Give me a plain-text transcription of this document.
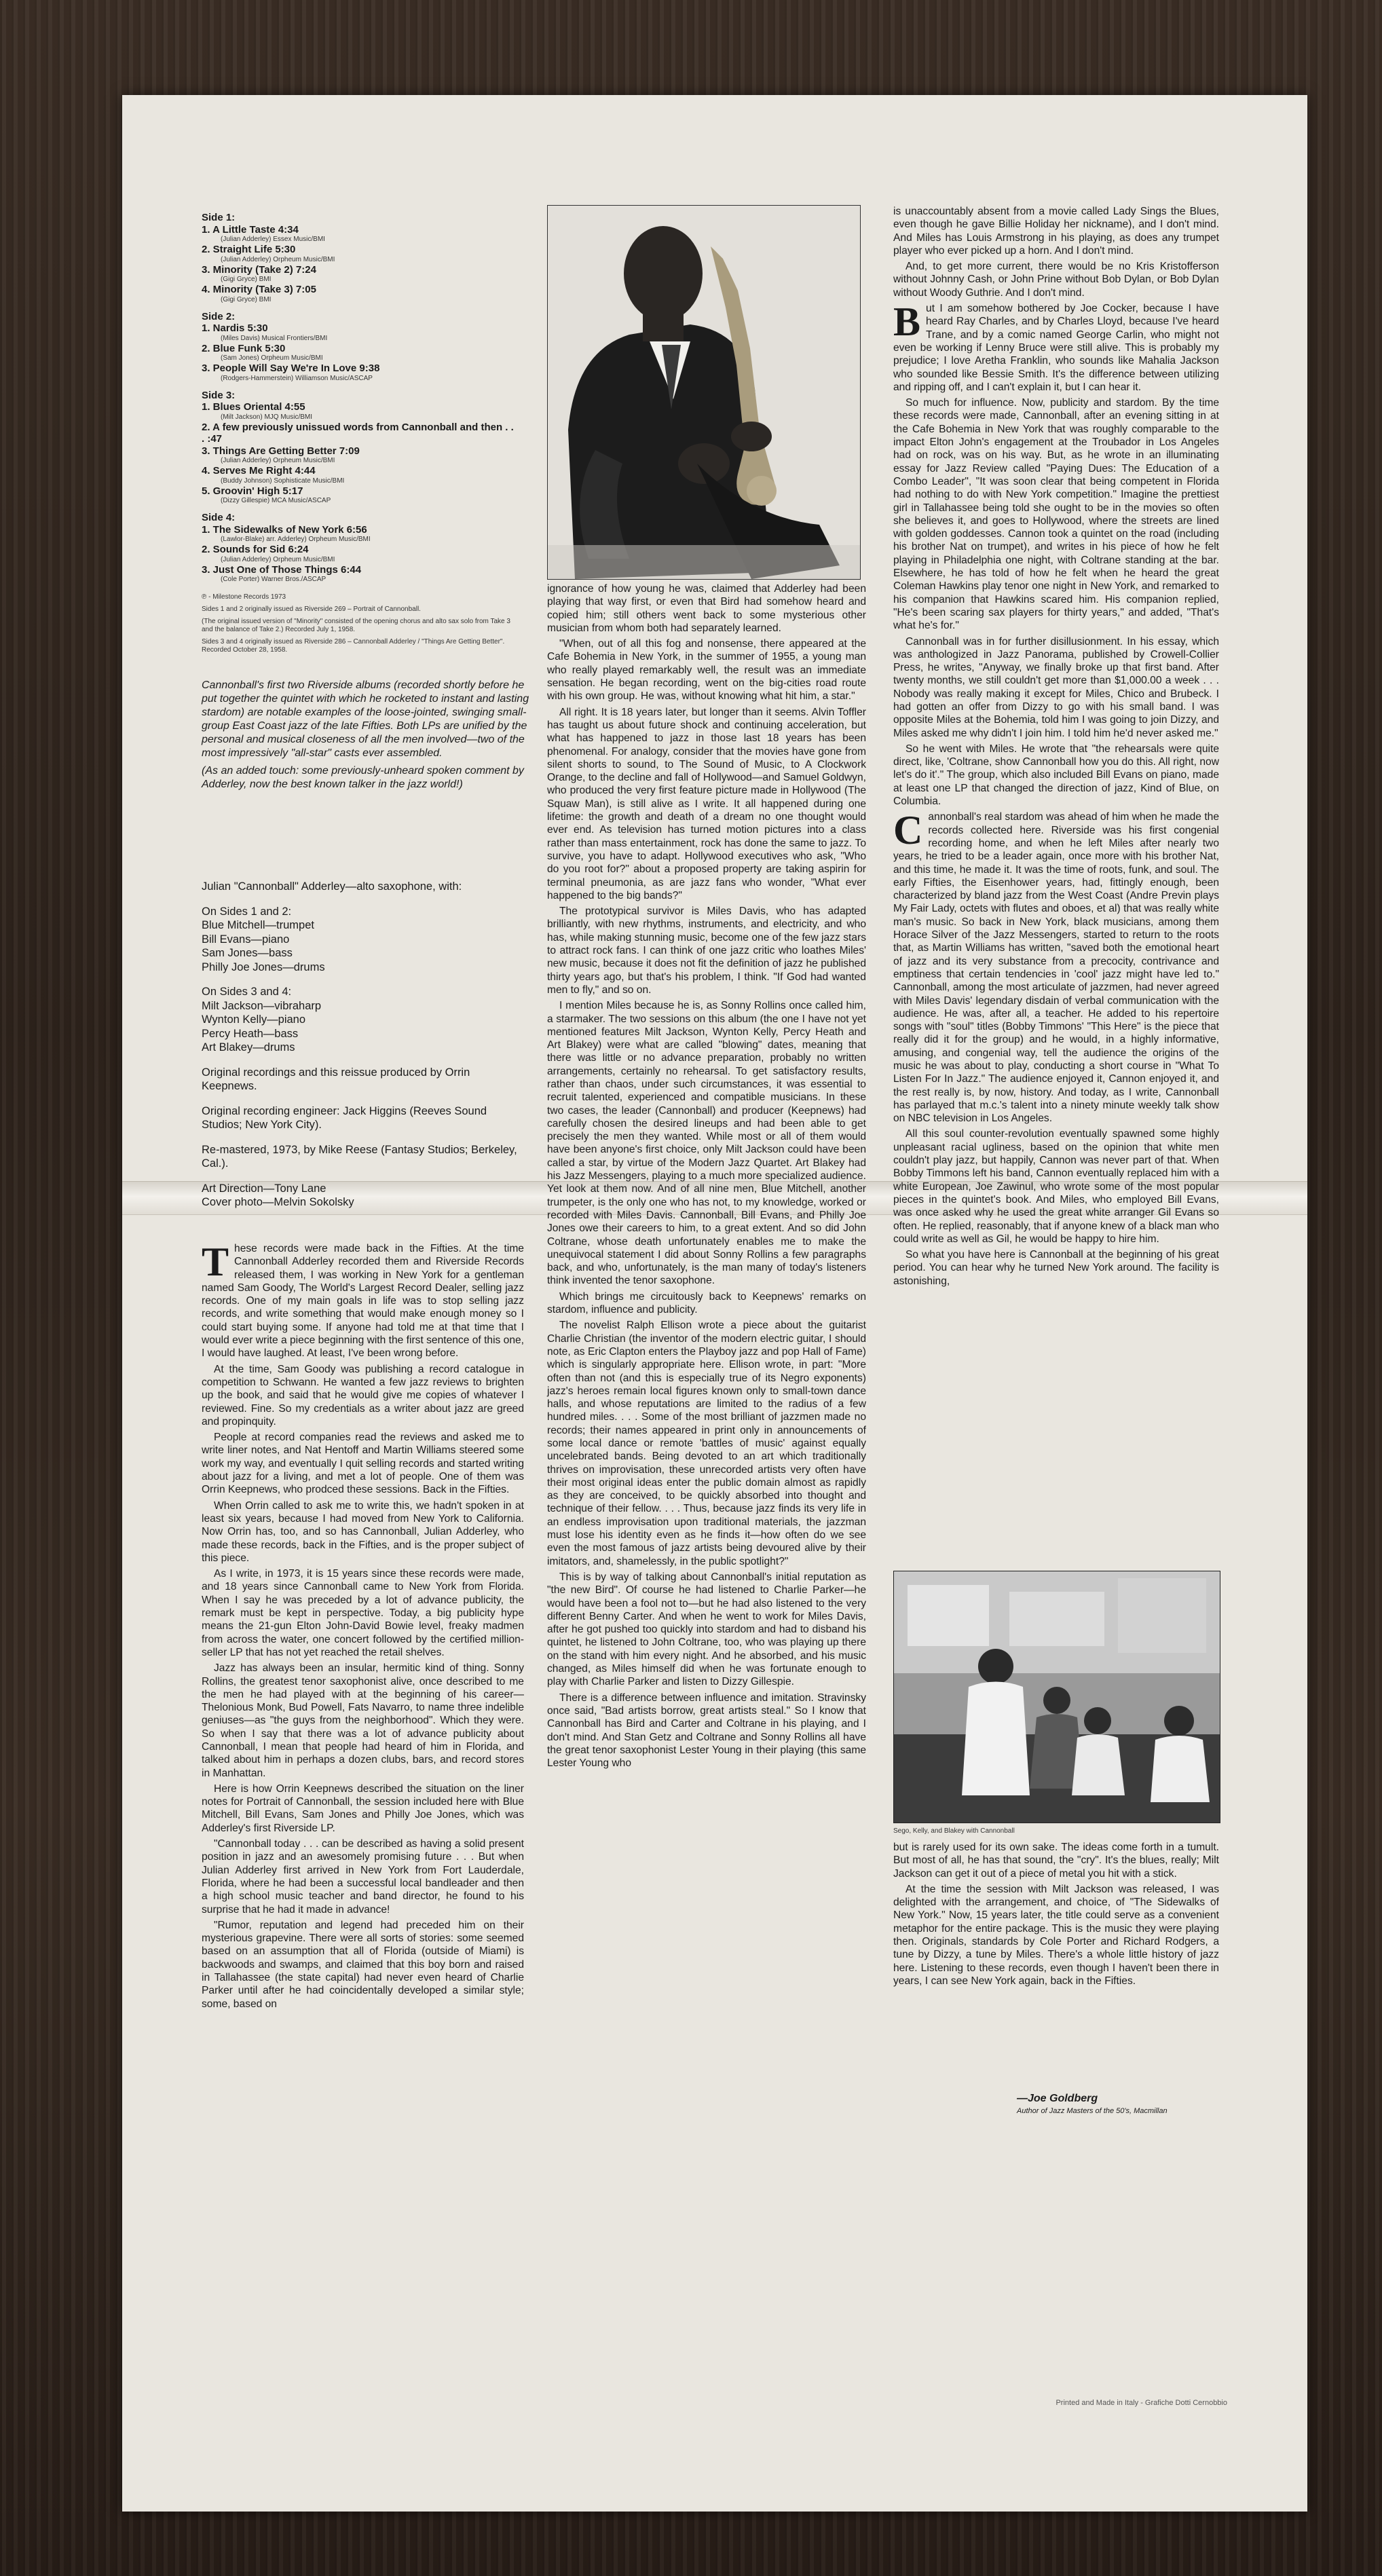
Side 1:
1. A Little Taste 4:34
(Julian Adderley) Essex Music/BMI
2. Straight Life 5:30
(Julian Adderley) Orpheum Music/BMI
3. Minority (Take 2) 7:24
(Gigi Gryce) BMI
4. Minority (Take 3) 7:05
(Gigi Gryce) BMI
Side 2:
1. Nardis 5:30
(Miles Davis) Musical Frontiers/BMI
2. Blue Funk 5:30
(Sam Jones) Orpheum Music/BMI
3. People Will Say We're In Love 9:38
(Rodgers-Hammerstein) Williamson Music/ASCAP
Side 3:
1. Blues Oriental 4:55
(Milt Jackson) MJQ Music/BMI
2. A few previously unissued words from Cannonball and then . . . :47
3. Things Are Getting Better 7:09
(Julian Adderley) Orpheum Music/BMI
4. Serves Me Right 4:44
(Buddy Johnson) Sophisticate Music/BMI
5. Groovin' High 5:17
(Dizzy Gillespie) MCA Music/ASCAP
Side 4:
1. The Sidewalks of New York 6:56
(Lawlor-Blake) arr. Adderley) Orpheum Music/BMI
2. Sounds for Sid 6:24
(Julian Adderley) Orpheum Music/BMI
3. Just One of Those Things 6:44
(Cole Porter) Warner Bros./ASCAP
℗ - Milestone Records 1973
Sides 1 and 2 originally issued as Riverside 269 – Portrait of Cannonball.
(The original issued version of "Minority" consisted of the opening chorus and alto sax solo from Take 3 and the balance of Take 2.) Recorded July 1, 1958.
Sides 3 and 4 originally issued as Riverside 286 – Cannonball Adderley / "Things Are Getting Better". Recorded October 28, 1958.

Cannonball's first two Riverside albums (recorded shortly before he put together the quintet with which he rocketed to instant and lasting stardom) are notable examples of the loose-jointed, swinging small-group East Coast jazz of the late Fifties. Both LPs are unified by the personal and musical closeness of all the men involved—two of the most impressively "all-star" casts ever assembled.

(As an added touch: some previously-unheard spoken comment by Adderley, now the best known talker in the jazz world!)

Julian "Cannonball" Adderley—alto saxophone, with:
On Sides 1 and 2:
Blue Mitchell—trumpet
Bill Evans—piano
Sam Jones—bass
Philly Joe Jones—drums
On Sides 3 and 4:
Milt Jackson—vibraharp
Wynton Kelly—piano
Percy Heath—bass
Art Blakey—drums
Original recordings and this reissue produced by Orrin Keepnews.
Original recording engineer: Jack Higgins (Reeves Sound Studios; New York City).
Re-mastered, 1973, by Mike Reese (Fantasy Studios; Berkeley, Cal.).
Art Direction—Tony Lane
Cover photo—Melvin Sokolsky

ignorance of how young he was, claimed that Adderley had been playing that way first, or even that Bird had somehow heard and copied him; still others went back to some mysterious other musician from whom both had separately learned.

"When, out of all this fog and nonsense, there appeared at the Cafe Bohemia in New York, in the summer of 1955, a young man who really played remarkably well, the result was an immediate sensation. He began recording, went on the big-cities road route with his own group. He was, without knowing what hit him, a star."

All right. It is 18 years later, but longer than it seems. Alvin Toffler has taught us about future shock and continuing acceleration, but what has happened to jazz in those last 18 years has been phenomenal. For analogy, consider that the movies have gone from silent shorts to sound, to The Sound of Music, to A Clockwork Orange, to the decline and fall of Hollywood—and Samuel Goldwyn, who produced the very first feature picture made in Hollywood (The Squaw Man), is still alive as I write. It all happened during one lifetime: the growth and death of a dream no one thought would ever end. As television has turned motion pictures into a class rather than mass entertainment, rock has done the same to jazz. To survive, you have to adapt. Hollywood executives who ask, "Who do you root for?" about a proposed property are taking aspirin for terminal pneumonia, as are jazz fans who wonder, "What ever happened to the big bands?"

The prototypical survivor is Miles Davis, who has adapted brilliantly, with new rhythms, instruments, and electricity, and who has, while making stunning music, become one of the few jazz stars to attract rock fans. I can think of one jazz critic who loathes Miles' new music, because it does not fit the definition of jazz he published thirty years ago, but that's his problem, I think. "If God had wanted men to fly," and so on.

I mention Miles because he is, as Sonny Rollins once called him, a starmaker. The two sessions on this album (the one I have not yet mentioned features Milt Jackson, Wynton Kelly, Percy Heath and Art Blakey) were what are called "blowing" dates, meaning that there was little or no advance preparation, probably no written arrangements, certainly no rehearsal. To get satisfactory results, rather than chaos, under such circumstances, it was essential to recruit talented, experienced and compatible musicians. In these two cases, the leader (Cannonball) and producer (Keepnews) had carefully chosen the desired lineups and had been able to get precisely the men they wanted. While most or all of them would have been anyone's first choice, only Milt Jackson could have been called a star, by virtue of the Modern Jazz Quartet. Art Blakey had his Jazz Messengers, playing to a much more specialized audience. Yet look at them now. And of all nine men, Blue Mitchell, another trumpeter, is the only one who has not, to my knowledge, worked or recorded with Miles Davis. Cannonball, Bill Evans, and Philly Joe Jones owe their careers to him, to a great extent. And so did John Coltrane, whose death unfortunately enables me to make the unequivocal statement I did about Sonny Rollins a few paragraphs back, and who, unfortunately, is the man many of today's listeners think invented the tenor saxophone.

Which brings me circuitously back to Keepnews' remarks on stardom, influence and publicity.

The novelist Ralph Ellison wrote a piece about the guitarist Charlie Christian (the inventor of the modern electric guitar, I should note, as Eric Clapton enters the Playboy jazz and pop Hall of Fame) which is singularly appropriate here. Ellison wrote, in part: "More often than not (and this is especially true of its Negro exponents) jazz's heroes remain local figures known only to small-town dance halls, and whose reputations are limited to the radius of a few hundred miles. . . . Some of the most brilliant of jazzmen made no records; their names appeared in print only in announcements of some local dance or remote 'battles of music' against equally uncelebrated bands. Being devoted to an art which traditionally thrives on improvisation, these unrecorded artists very often have their most original ideas enter the public domain almost as rapidly as they are conceived, to be quickly absorbed into thought and technique of their fellow. . . . Thus, because jazz finds its very life in an endless improvisation upon traditional materials, the jazzman must lose his identity even as he finds it—how often do we see even the most famous of jazz artists being devoured alive by their imitators, and, shamelessly, in the public spotlight?"

This is by way of talking about Cannonball's initial reputation as "the new Bird". Of course he had listened to Charlie Parker—he would have been a fool not to—but he had also listened to the very different Benny Carter. And when he went to work for Miles Davis, after he got pushed too quickly into stardom and had to disband his quintet, he listened to John Coltrane, too, who was playing up there on the stand with him every night. And he absorbed, and his music changed, as Miles himself did when he was fortunate enough to play with Charlie Parker and listen to Dizzy Gillespie.

There is a difference between influence and imitation. Stravinsky once said, "Bad artists borrow, great artists steal." So I know that Cannonball has Bird and Carter and Coltrane in his playing, and I don't mind. And Stan Getz and Coltrane and Sonny Rollins all have the great tenor saxophonist Lester Young in their playing (this same Lester Young who

is unaccountably absent from a movie called Lady Sings the Blues, even though he gave Billie Holiday her nickname), and I don't mind. And Miles has Louis Armstrong in his playing, as does any trumpet player who ever picked up a horn. And I don't mind.

And, to get more current, there would be no Kris Kristofferson without Johnny Cash, or John Prine without Bob Dylan, or Bob Dylan without Woody Guthrie. And I don't mind.

But I am somehow bothered by Joe Cocker, because I have heard Ray Charles, and by Charles Lloyd, because I've heard Trane, and by a comic named George Carlin, who might not even be working if Lenny Bruce were still alive. This is probably my prejudice; I love Aretha Franklin, who sounds like Mahalia Jackson who sounded like Bessie Smith. It's the difference between utilizing and ripping off, and I can't explain it, but I can hear it.

So much for influence. Now, publicity and stardom. By the time these records were made, Cannonball, after an evening sitting in at the Cafe Bohemia in New York that was roughly comparable to the impact Elton John's engagement at the Troubador in Los Angeles had on rock, was on his way. But, as he wrote in an illuminating essay for Jazz Review called "Paying Dues: The Education of a Combo Leader", "It was soon clear that being competent in Florida had nothing to do with New York competition." Imagine the prettiest girl in Tallahassee being told she ought to be in the movies so often she believes it, and goes to Hollywood, where the streets are lined with golden goddesses. Cannon took a quintet on the road (including his brother Nat on trumpet), and writes in his piece of how he felt playing in Philadelphia one night, with Coltrane standing at the bar. Elsewhere, he has told of how he felt when he heard the great Coleman Hawkins play tenor one night in New York, and remarked to his companion that Hawkins scared him. His companion replied, "He's been scaring sax players for thirty years," and added, "That's what he's for."

Cannonball was in for further disillusionment. In his essay, which was anthologized in Jazz Panorama, published by Crowell-Collier Press, he writes, "Anyway, we finally broke up that first band. After twenty months, we still couldn't get more than $1,000.00 a week . . . Nobody was really making it except for Miles, Chico and Brubeck. I had gotten an offer from Dizzy to go with his small band. I was opposite Miles at the Bohemia, told him I was going to join Dizzy, and Miles asked me why didn't I join him. I told him he'd never asked me."

So he went with Miles. He wrote that "the rehearsals were quite direct, like, 'Coltrane, show Cannonball how you do this. All right, now let's do it'." The group, which also included Bill Evans on piano, made at least one LP that changed the direction of jazz, Kind of Blue, on Columbia.

Cannonball's real stardom was ahead of him when he made the records collected here. Riverside was his first congenial recording home, and when he left Miles after nearly two years, he tried to be a leader again, once more with his brother Nat, and this time, he made it. It was the time of roots, funk, and soul. The early Fifties, the Eisenhower years, had, fittingly enough, been characterized by bland jazz from the West Coast (Andre Previn plays My Fair Lady, octets with flutes and oboes, et al) that was really white man's music. So back in New York, black musicians, among them Horace Silver of the Jazz Messengers, started to return to the roots that, as Martin Williams has written, "saved both the emotional heart of jazz and its very substance from a precocity, contrivance and emptiness that certain tendencies in 'cool' jazz might have led to." Cannonball, among the most articulate of jazzmen, had never agreed with Miles Davis' legendary disdain of verbal communication with the audience. He was, after all, a teacher. He added to his repertoire songs with "soul" titles (Bobby Timmons' "This Here" is the piece that really did it for the group) and he would, in a highly informative, amusing, and congenial way, tell the audience the origins of the music he was about to play, conducting a short course in "What To Listen For In Jazz." The audience enjoyed it, Cannon enjoyed it, and the rest really is, by now, history. And today, as I write, Cannonball has parlayed that m.c.'s talent into a ninety minute weekly talk show on NBC television in Los Angeles.

All this soul counter-revolution eventually spawned some highly unpleasant racial ugliness, based on the opinion that white men couldn't play jazz, but happily, Cannon was never part of that. When Bobby Timmons left his band, Cannon eventually replaced him with a white European, Joe Zawinul, who wrote some of the most popular pieces in the quintet's book. And Miles, who employed Bill Evans, was once asked why he used the great white arranger Gil Evans so often. He replied, reasonably, that if anyone knew of a black man who could write as well as Gil, he would be happy to hire him.

So what you have here is Cannonball at the beginning of his great period. You can hear why he turned New York around. The facility is astonishing,

These records were made back in the Fifties. At the time Cannonball Adderley recorded them and Riverside Records released them, I was working in New York for a gentleman named Sam Goody, The World's Largest Record Dealer, selling jazz records. One of my main goals in life was to stop selling jazz records, and write something that would make enough money so I could start buying some. If anyone had told me at that time that I would ever write a piece beginning with the first sentence of this one, I would have laughed. At least, I've been wrong before.

At the time, Sam Goody was publishing a record catalogue in competition to Schwann. He wanted a few jazz reviews to brighten up the book, and said that he would give me copies of whatever I reviewed. Fine. So my credentials as a writer about jazz are greed and propinquity.

People at record companies read the reviews and asked me to write liner notes, and Nat Hentoff and Martin Williams steered some work my way, and eventually I quit selling records and started writing about jazz for a living, and met a lot of people. One of them was Orrin Keepnews, who prodced these sessions. Back in the Fifties.

When Orrin called to ask me to write this, we hadn't spoken in at least six years, because I had moved from New York to California. Now Orrin has, too, and so has Cannonball, Julian Adderley, who made these records, back in the Fifties, and is the proper subject of this piece.

As I write, in 1973, it is 15 years since these records were made, and 18 years since Cannonball came to New York from Florida. When I say he was preceded by a lot of advance publicity, the remark must be kept in perspective. Today, a big publicity hype means the 21-gun Elton John-David Bowie level, freaky madmen from across the water, one concert followed by the certified million-seller LP that has not yet reached the retail shelves.

Jazz has always been an insular, hermitic kind of thing. Sonny Rollins, the greatest tenor saxophonist alive, once described to me the men he had played with at the beginning of his career—Thelonious Monk, Bud Powell, Fats Navarro, to name three indelible geniuses—as "the guys from the neighborhood". Which they were. So when I say that there was a lot of advance publicity about Cannonball, I mean that people had heard of him in Florida, and talked about him in perhaps a dozen clubs, bars, and record stores in Manhattan.

Here is how Orrin Keepnews described the situation on the liner notes for Portrait of Cannonball, the session included here with Blue Mitchell, Bill Evans, Sam Jones and Philly Joe Jones, which was Adderley's first Riverside LP.

"Cannonball today . . . can be described as having a solid present position in jazz and an awesomely promising future . . . But when Julian Adderley first arrived in New York from Fort Lauderdale, Florida, where he had been a successful local bandleader and then a high school music teacher and band director, he found to his surprise that he had it made in advance!

"Rumor, reputation and legend had preceded him on their mysterious grapevine. There were all sorts of stories: some seemed based on an assumption that all of Florida (outside of Miami) is backwoods and swamps, and claimed that this boy born and raised in Tallahassee (the state capital) had never even heard of Charlie Parker until after he had coincidentally developed a similar style; some, based on

but is rarely used for its own sake. The ideas come forth in a tumult. But most of all, he has that sound, the "cry". It's the blues, really; Milt Jackson can get it out of a piece of metal you hit with a stick.

At the time the session with Milt Jackson was released, I was delighted with the arrangement, and choice, of "The Sidewalks of New York." Now, 15 years later, the title could serve as a convenient metaphor for the entire package. This is the music they were playing then. Originals, standards by Cole Porter and Richard Rodgers, a tune by Dizzy, a tune by Miles. There's a whole little history of jazz here. Listening to these records, even though I haven't been there in years, I can see New York again, back in the Fifties.

Sego, Kelly, and Blakey with Cannonball
—Joe Goldberg
Author of Jazz Masters of the 50's, Macmillan
Printed and Made in Italy - Grafiche Dotti Cernobbio
